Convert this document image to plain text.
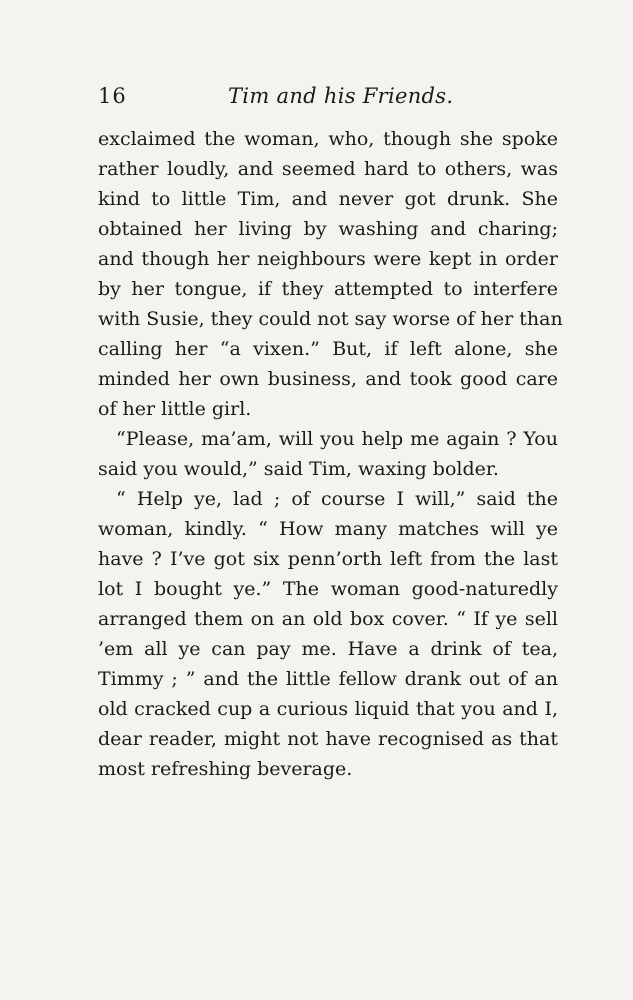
16	Tim and his Friends.
exclaimed the woman, who, though she spoke
rather loudly, and seemed hard to others, was
kind to little Tim, and never got drunk. She
obtained her living by washing and charing;
and though her neighbours were kept in order
by her tongue, if they attempted to interfere
with Susie, they could not say worse of her than
calling her “a vixen.” But, if left alone, she
minded her own business, and took good care
of her little girl.
“Please, ma’am, will you help me again ? You
said you would,” said Tim, waxing bolder.
“ Help ye, lad ; of course I will,” said the
woman, kindly. “ How many matches will ye
have ? I’ve got six penn’orth left from the last
lot I bought ye.” The woman good-naturedly
arranged them on an old box cover. “ If ye sell
’em all ye can pay me. Have a drink of tea,
Timmy ; ” and the little fellow drank out of an
old cracked cup a curious liquid that you and I,
dear reader, might not have recognised as that
most refreshing beverage.
